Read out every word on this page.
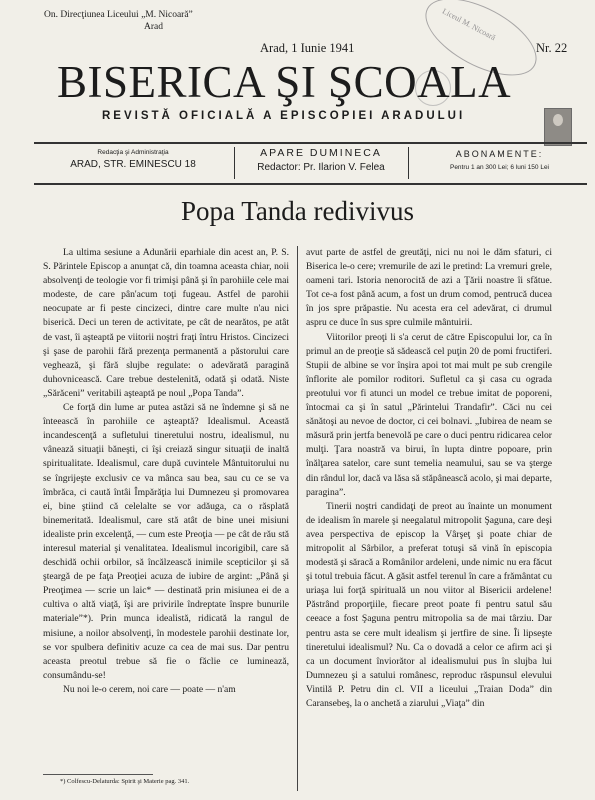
On. Direcţiunea Liceului „M. Nicoară”
Arad	Liceul M. Nicoară
Arad, 1 Iunie 1941	Nr. 22
BISERICA ŞI ŞCOALA
REVISTĂ OFICIALĂ A EPISCOPIEI ARADULUI
Redacţia şi Administraţia
ARAD, STR. EMINESCU 18
APARE DUMINECA
Redactor: Pr. Ilarion V. Felea
ABONAMENTE:
Pentru 1 an 300 Lei; 6 luni 150 Lei
Popa Tanda redivivus

La ultima sesiune a Adunării eparhiale din acest an, P. S. S. Părintele Episcop a anunţat că, din toamna aceasta chiar, noii absolvenţi de teologie vor fi trimişi până şi în parohiile cele mai modeste, de care pân'acum toţi fugeau. Astfel de parohii neocupate ar fi peste cincizeci, dintre care multe n'au nici biserică. Deci un teren de activitate, pe cât de nearătos, pe atât de vast, îi aşteaptă pe viitorii noştri fraţi întru Hristos. Cincizeci şi şase de parohii fără prezenţa permanentă a păstorului care veghează, şi fără slujbe regulate: o adevărată paragină duhovnicească. Care trebue destelenită, odată şi odată. Niste „Sărăceni” veritabili aşteaptă pe noul „Popa Tanda”.

Ce forţă din lume ar putea astăzi să ne îndemne şi să ne înteească în parohiile ce aşteaptă? Idealismul. Această incandescenţă a sufletului tineretului nostru, idealismul, nu vânează situaţii băneşti, ci îşi creiază singur situaţii de inaltă spiritualitate. Idealismul, care după cuvintele Mântuitorului nu se îngrijeşte exclusiv ce va mânca sau bea, sau cu ce se va îmbrăca, ci caută întâi Împărăţia lui Dumnezeu şi promovarea ei, bine ştiind că celelalte se vor adăuga, ca o răsplată binemeritată. Idealismul, care stă atât de bine unei misiuni idealiste prin excelenţă, — cum este Preoţia — pe cât de rău stă interesul material şi venalitatea. Idealismul incorigibil, care să deschidă ochii orbilor, să încălzească inimile scepticilor şi să şteargă de pe faţa Preoţiei acuza de iubire de argint: „Până şi Preoţimea — scrie un laic* — destinată prin misiunea ei de a cultiva o altă viaţă, îşi are privirile îndreptate înspre bunurile materiale”*). Prin munca idealistă, ridicată la rangul de misiune, a noilor absolvenţi, în modestele parohii destinate lor, se vor spulbera definitiv acuze ca cea de mai sus. Dar pentru aceasta preotul trebue să fie o făclie ce luminează, consumându-se!

Nu noi le-o cerem, noi care — poate — n'am

avut parte de astfel de greutăţi, nici nu noi le dăm sfaturi, ci Biserica le-o cere; vremurile de azi le pretind: La vremuri grele, oameni tari. Istoria nenorocită de azi a Ţării noastre îi sfătue. Tot ce-a fost până acum, a fost un drum comod, pentrucă ducea în jos spre prăpastie. Nu acesta era cel adevărat, ci drumul aspru ce duce în sus spre culmile mântuirii.

Viitorilor preoţi li s'a cerut de către Episcopului lor, ca în primul an de preoţie să sădească cel puţin 20 de pomi fructiferi. Stupii de albine se vor înşira apoi tot mai mult pe sub crengile înflorite ale pomilor roditori. Sufletul ca şi casa cu ograda preotului vor fi atunci un model ce trebue imitat de poporeni, întocmai ca şi în satul „Părintelui Trandafir”. Căci nu cei sănătoşi au nevoe de doctor, ci cei bolnavi. „Iubirea de neam se măsură prin jertfa benevolă pe care o duci pentru ridicarea celor mulţi. Ţara noastră va birui, în lupta dintre popoare, prin înălţarea satelor, care sunt temelia neamului, sau se va şterge din rândul lor, dacă va lăsa să stăpânească acolo, şi mai departe, paragina”.

Tinerii noştri candidaţi de preot au înainte un monument de idealism în marele şi neegalatul mitropolit Şaguna, care deşi avea perspectiva de episcop la Vârşeţ şi poate chiar de mitropolit al Sârbilor, a preferat totuşi să vină în episcopia modestă şi săracă a Românilor ardeleni, unde nimic nu era făcut şi totul trebuia făcut. A găsit astfel terenul în care a frământat cu uriaşa lui forţă spirituală un nou viitor al Bisericii ardelene! Păstrând proporţiile, fiecare preot poate fi pentru satul său ceeace a fost Şaguna pentru mitropolia sa de mai târziu. Dar pentru asta se cere mult idealism şi jertfire de sine. Îi lipseşte tineretului idealismul? Nu. Ca o dovadă a celor ce afirm aci şi ca un document înviorător al idealismului pus în slujba lui Dumnezeu şi a satului românesc, reproduc răspunsul elevului Vintilă P. Petru din cl. VII a liceului „Traian Doda” din Caransebeş, la o anchetă a ziarului „Viaţa” din

*) Colfescu-Delaturda: Spirit şi Materie pag. 341.
